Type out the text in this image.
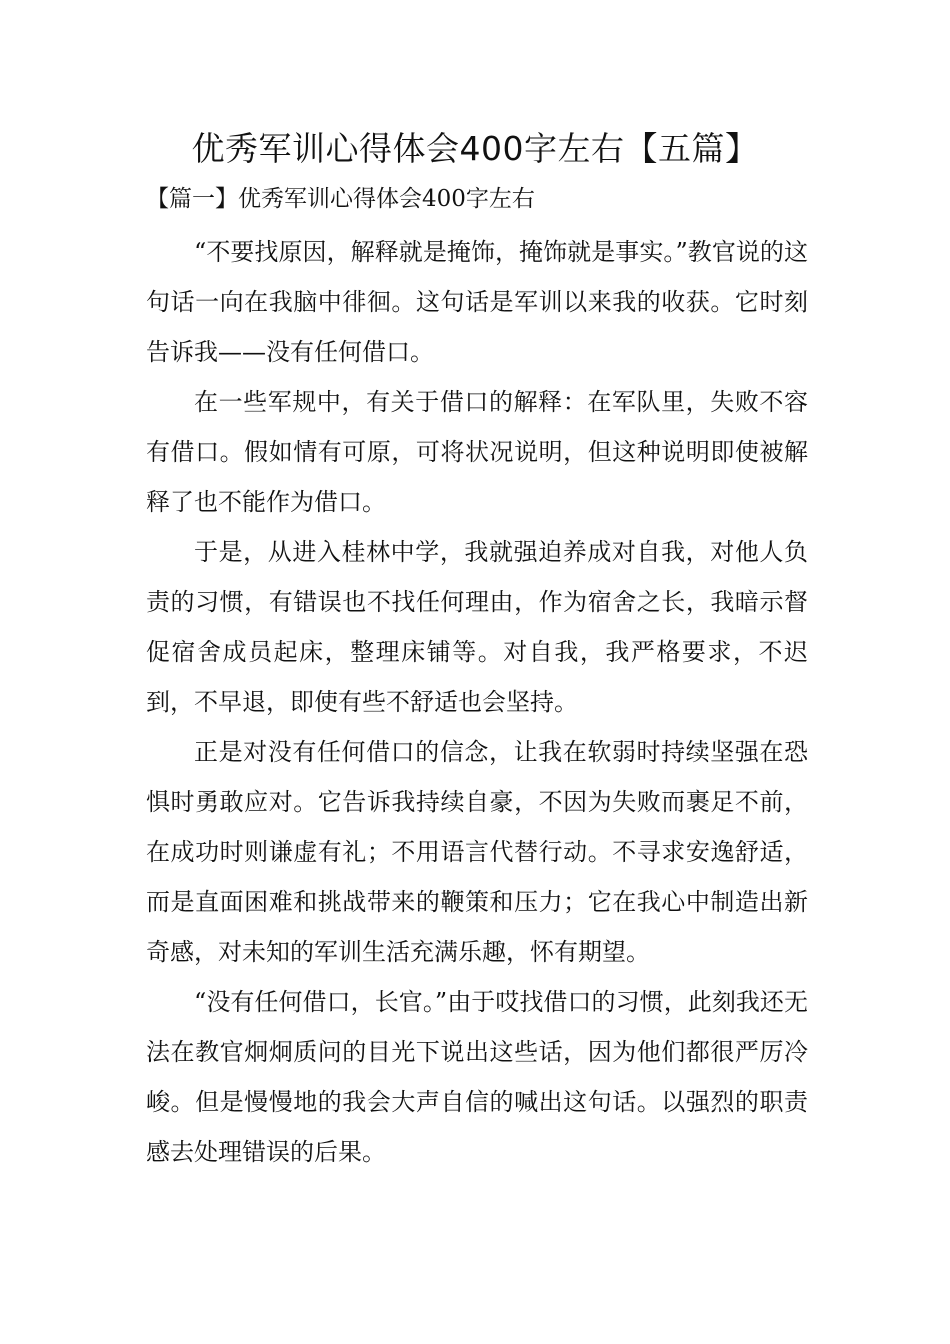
优秀军训心得体会400字左右【五篇】

【篇一】优秀军训心得体会400字左右

“不要找原因，解释就是掩饰，掩饰就是事实。”教官说的这句话一向在我脑中徘徊。这句话是军训以来我的收获。它时刻告诉我——没有任何借口。

在一些军规中，有关于借口的解释：在军队里，失败不容有借口。假如情有可原，可将状况说明，但这种说明即使被解释了也不能作为借口。

于是，从进入桂林中学，我就强迫养成对自我，对他人负责的习惯，有错误也不找任何理由，作为宿舍之长，我暗示督促宿舍成员起床，整理床铺等。对自我，我严格要求，不迟到，不早退，即使有些不舒适也会坚持。

正是对没有任何借口的信念，让我在软弱时持续坚强在恐惧时勇敢应对。它告诉我持续自豪，不因为失败而裹足不前，在成功时则谦虚有礼；不用语言代替行动。不寻求安逸舒适，而是直面困难和挑战带来的鞭策和压力；它在我心中制造出新奇感，对未知的军训生活充满乐趣，怀有期望。

“没有任何借口，长官。”由于哎找借口的习惯，此刻我还无法在教官炯炯质问的目光下说出这些话，因为他们都很严厉冷峻。但是慢慢地的我会大声自信的喊出这句话。以强烈的职责感去处理错误的后果。
